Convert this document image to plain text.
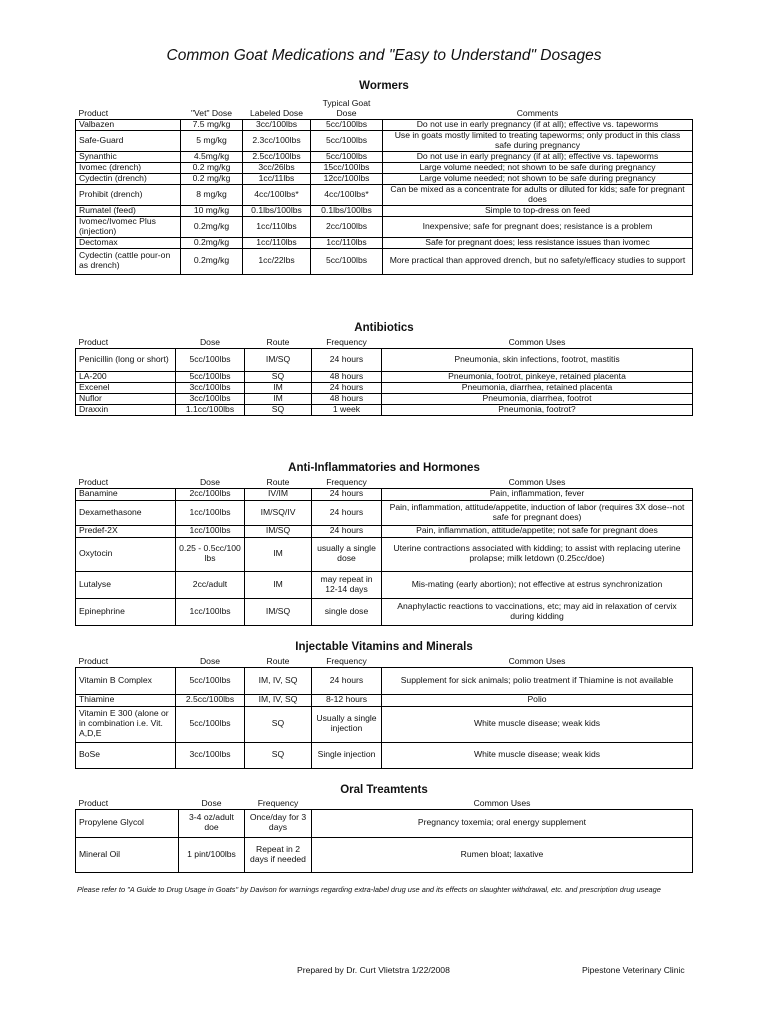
Common Goat Medications and "Easy to Understand" Dosages
Wormers
Product	"Vet" Dose	Labeled Dose	Typical Goat Dose	Comments
Valbazen	7.5 mg/kg	3cc/100lbs	5cc/100lbs	Do not use in early pregnancy (if at all); effective vs. tapeworms
Safe-Guard	5 mg/kg	2.3cc/100lbs	5cc/100lbs	Use in goats mostly limited to treating tapeworms; only product in this class safe during pregnancy
Synanthic	4.5mg/kg	2.5cc/100lbs	5cc/100lbs	Do not use in early pregnancy (if at all); effective vs. tapeworms
Ivomec (drench)	0.2 mg/kg	3cc/26lbs	15cc/100lbs	Large volume needed; not shown to be safe during pregnancy
Cydectin (drench)	0.2 mg/kg	1cc/11lbs	12cc/100lbs	Large volume needed; not shown to be safe during pregnancy
Prohibit (drench)	8 mg/kg	4cc/100lbs*	4cc/100lbs*	Can be mixed as a concentrate for adults or diluted for kids; safe for pregnant does
Rumatel (feed)	10 mg/kg	0.1lbs/100lbs	0.1lbs/100lbs	Simple to top-dress on feed
Ivomec/Ivomec Plus (injection)	0.2mg/kg	1cc/110lbs	2cc/100lbs	Inexpensive; safe for pregnant does; resistance is a problem
Dectomax	0.2mg/kg	1cc/110lbs	1cc/110lbs	Safe for pregnant does; less resistance issues than ivomec
Cydectin (cattle pour-on as drench)	0.2mg/kg	1cc/22lbs	5cc/100lbs	More practical than approved drench, but no safety/efficacy studies to support
Antibiotics
Product	Dose	Route	Frequency	Common Uses
Penicillin (long or short)	5cc/100lbs	IM/SQ	24 hours	Pneumonia, skin infections, footrot, mastitis
LA-200	5cc/100lbs	SQ	48 hours	Pneumonia, footrot, pinkeye, retained placenta
Excenel	3cc/100lbs	IM	24 hours	Pneumonia, diarrhea, retained placenta
Nuflor	3cc/100lbs	IM	48 hours	Pneumonia, diarrhea, footrot
Draxxin	1.1cc/100lbs	SQ	1 week	Pneumonia, footrot?
Anti-Inflammatories and Hormones
Product	Dose	Route	Frequency	Common Uses
Banamine	2cc/100lbs	IV/IM	24 hours	Pain, inflammation, fever
Dexamethasone	1cc/100lbs	IM/SQ/IV	24 hours	Pain, inflammation, attitude/appetite, induction of labor (requires 3X dose--not safe for pregnant does)
Predef-2X	1cc/100lbs	IM/SQ	24 hours	Pain, inflammation, attitude/appetite; not safe for pregnant does
Oxytocin	0.25 - 0.5cc/100 lbs	IM	usually a single dose	Uterine contractions associated with kidding; to assist with replacing uterine prolapse; milk letdown (0.25cc/doe)
Lutalyse	2cc/adult	IM	may repeat in 12-14 days	Mis-mating (early abortion); not effective at estrus synchronization
Epinephrine	1cc/100lbs	IM/SQ	single dose	Anaphylactic reactions to vaccinations, etc; may aid in relaxation of cervix during kidding
Injectable Vitamins and Minerals
Product	Dose	Route	Frequency	Common Uses
Vitamin B Complex	5cc/100lbs	IM, IV, SQ	24 hours	Supplement for sick animals; polio treatment if Thiamine is not available
Thiamine	2.5cc/100lbs	IM, IV, SQ	8-12 hours	Polio
Vitamin E 300 (alone or in combination i.e. Vit. A,D,E	5cc/100lbs	SQ	Usually a single injection	White muscle disease; weak kids
BoSe	3cc/100lbs	SQ	Single injection	White muscle disease; weak kids
Oral Treamtents
Product	Dose	Frequency	Common Uses
Propylene Glycol	3-4 oz/adult doe	Once/day for 3 days	Pregnancy toxemia; oral energy supplement
Mineral Oil	1 pint/100lbs	Repeat in 2 days if needed	Rumen bloat; laxative
Please refer to "A Guide to Drug Usage in Goats" by Davison for warnings regarding extra-label drug use and its effects on slaughter withdrawal, etc. and prescription drug useage
Prepared by Dr. Curt Vlietstra 1/22/2008	Pipestone Veterinary Clinic
